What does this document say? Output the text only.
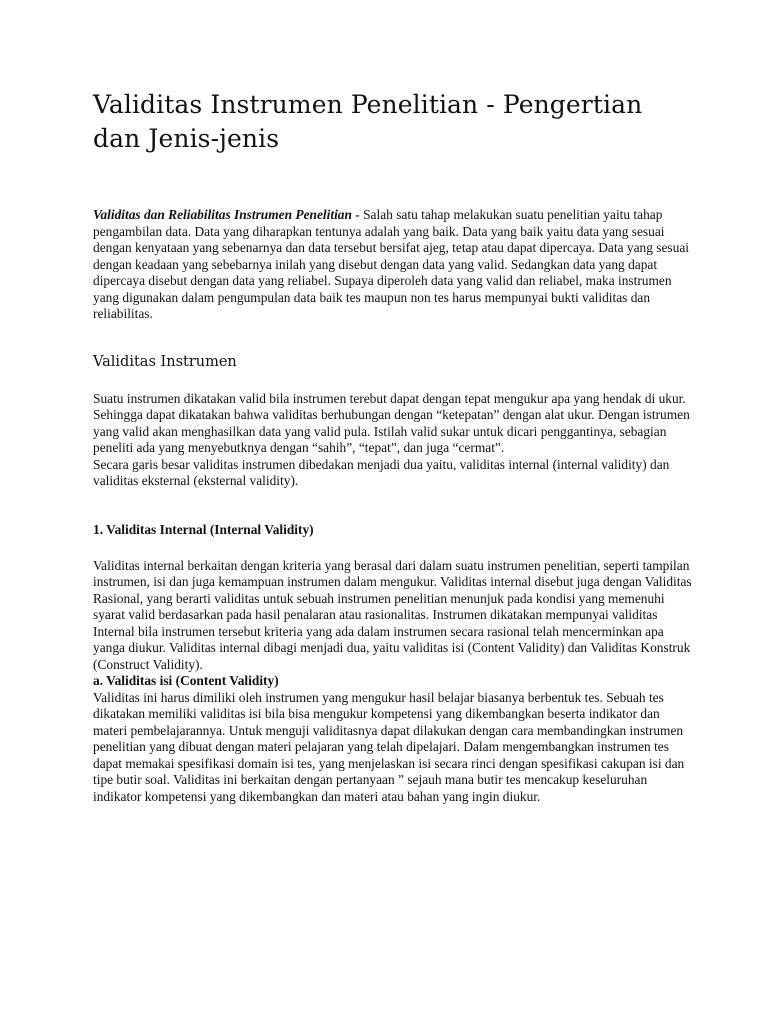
Validitas Instrumen Penelitian - Pengertian dan Jenis-jenis

Validitas dan Reliabilitas Instrumen Penelitian - Salah satu tahap melakukan suatu penelitian yaitu tahap pengambilan data. Data yang diharapkan tentunya adalah yang baik. Data yang baik yaitu data yang sesuai dengan kenyataan yang sebenarnya dan data tersebut bersifat ajeg, tetap atau dapat dipercaya. Data yang sesuai dengan keadaan yang sebebarnya inilah yang disebut dengan data yang valid. Sedangkan data yang dapat dipercaya disebut dengan data yang reliabel. Supaya diperoleh data yang valid dan reliabel, maka instrumen yang digunakan dalam pengumpulan data baik tes maupun non tes harus mempunyai bukti validitas dan reliabilitas.

Validitas Instrumen

Suatu instrumen dikatakan valid bila instrumen terebut dapat dengan tepat mengukur apa yang hendak di ukur. Sehingga dapat dikatakan bahwa validitas berhubungan dengan “ketepatan” dengan alat ukur. Dengan istrumen yang valid akan menghasilkan data yang valid pula. Istilah valid sukar untuk dicari penggantinya, sebagian peneliti ada yang menyebutknya dengan “sahih”, “tepat”, dan juga “cermat”.

Secara garis besar validitas instrumen dibedakan menjadi dua yaitu, validitas internal (internal validity) dan validitas eksternal (eksternal validity).

1. Validitas Internal (Internal Validity)

Validitas internal berkaitan dengan kriteria yang berasal dari dalam suatu instrumen penelitian, seperti tampilan instrumen, isi dan juga kemampuan instrumen dalam mengukur. Validitas internal disebut juga dengan Validitas Rasional, yang berarti validitas untuk sebuah instrumen penelitian menunjuk pada kondisi yang memenuhi syarat valid berdasarkan pada hasil penalaran atau rasionalitas. Instrumen dikatakan mempunyai validitas Internal bila instrumen tersebut kriteria yang ada dalam instrumen secara rasional telah mencerminkan apa yanga diukur. Validitas internal dibagi menjadi dua, yaitu validitas isi (Content Validity) dan Validitas Konstruk (Construct Validity).

a. Validitas isi (Content Validity)

Validitas ini harus dimiliki oleh instrumen yang mengukur hasil belajar biasanya berbentuk tes. Sebuah tes dikatakan memiliki validitas isi bila bisa mengukur kompetensi yang dikembangkan beserta indikator dan materi pembelajarannya. Untuk menguji validitasnya dapat dilakukan dengan cara membandingkan instrumen penelitian yang dibuat dengan materi pelajaran yang telah dipelajari. Dalam mengembangkan instrumen tes dapat memakai spesifikasi domain isi tes, yang menjelaskan isi secara rinci dengan spesifikasi cakupan isi dan tipe butir soal. Validitas ini berkaitan dengan pertanyaan ” sejauh mana butir tes mencakup keseluruhan indikator kompetensi yang dikembangkan dan materi atau bahan yang ingin diukur.
